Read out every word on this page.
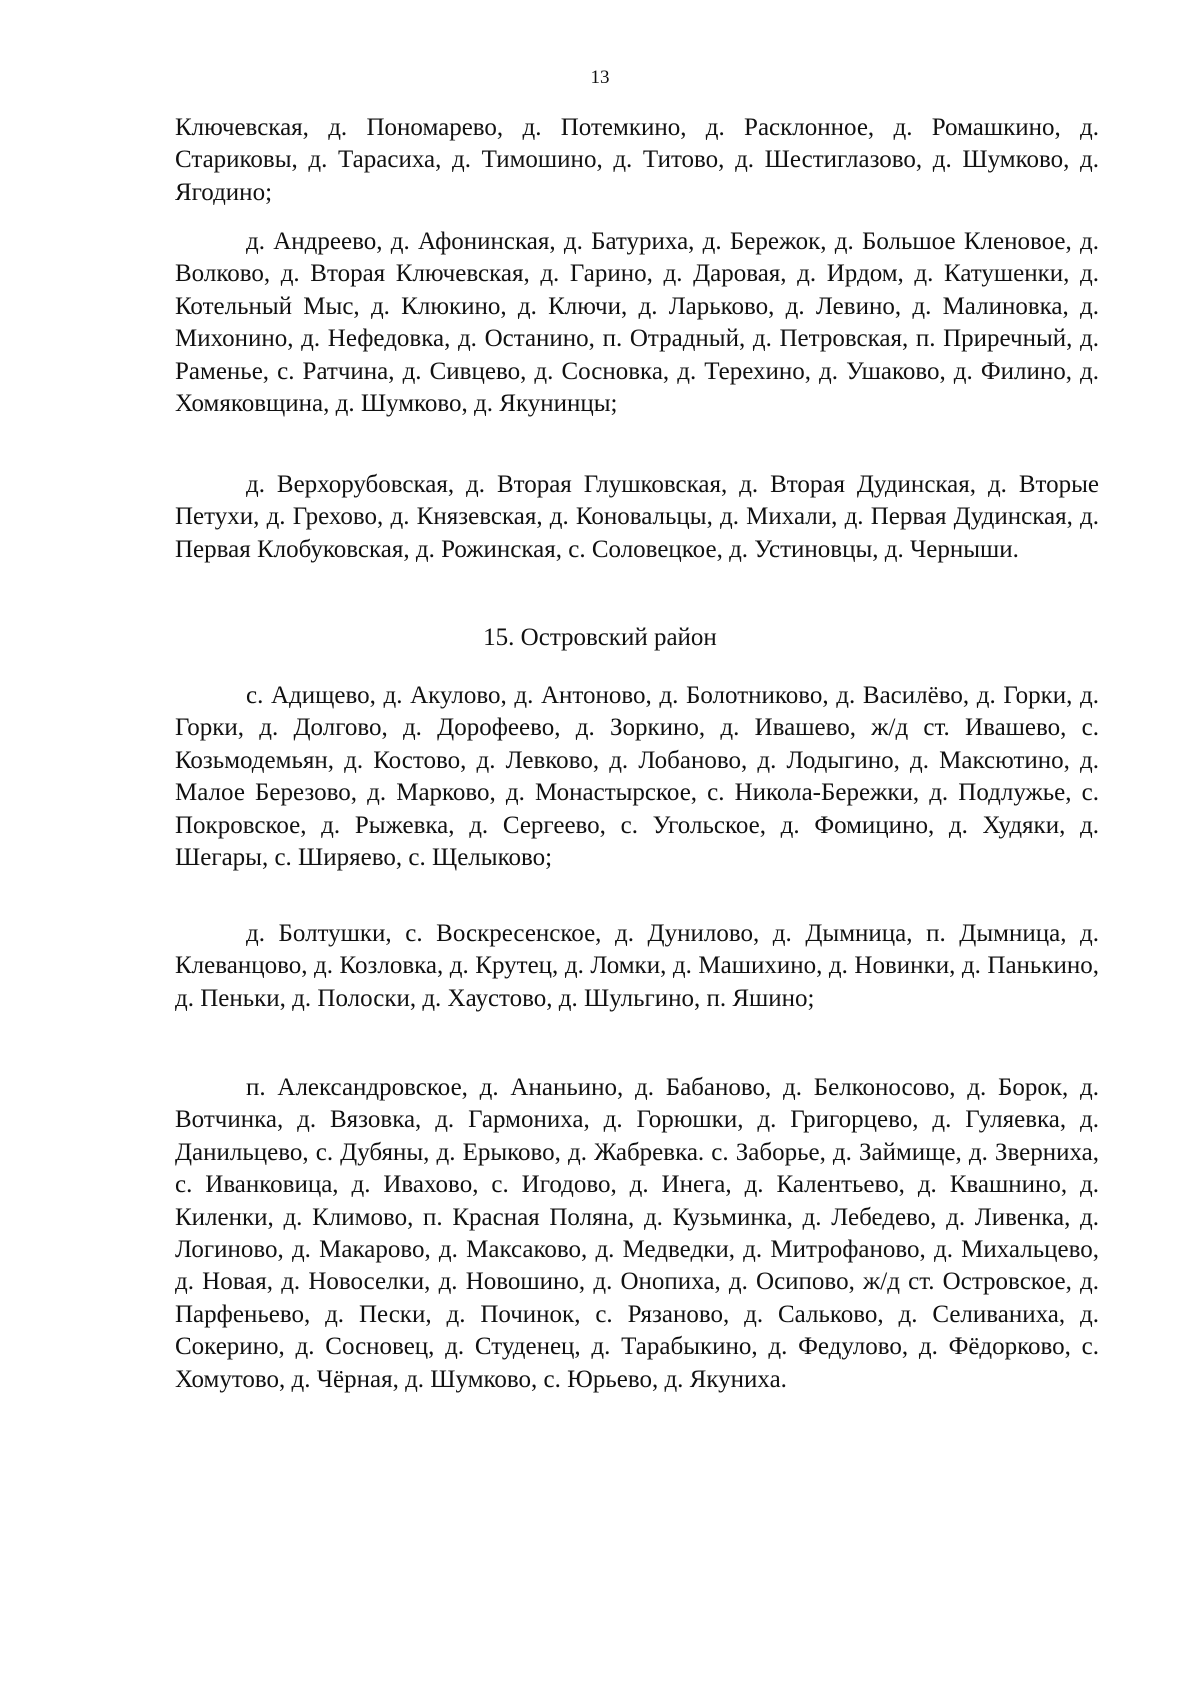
13

Ключевская, д. Пономарево, д. Потемкино, д. Расклонное, д. Ромашкино, д. Стариковы, д. Тарасиха, д. Тимошино, д. Титово, д. Шестиглазово, д. Шумково, д. Ягодино;

д. Андреево, д. Афонинская, д. Батуриха, д. Бережок, д. Большое Кленовое, д. Волково, д. Вторая Ключевская, д. Гарино, д. Даровая, д. Ирдом, д. Катушенки, д. Котельный Мыс, д. Клюкино, д. Ключи, д. Ларьково, д. Левино, д. Малиновка, д. Михонино, д. Нефедовка, д. Останино, п. Отрадный, д. Петровская, п. Приречный, д. Раменье, с. Ратчина, д. Сивцево, д. Сосновка, д. Терехино, д. Ушаково, д. Филино, д. Хомяковщина, д. Шумково, д. Якунинцы;

д. Верхорубовская, д. Вторая Глушковская, д. Вторая Дудинская, д. Вторые Петухи, д. Грехово, д. Князевская, д. Коновальцы, д. Михали, д. Первая Дудинская, д. Первая Клобуковская, д. Рожинская, с. Соловецкое, д. Устиновцы, д. Черныши.

15. Островский район

с. Адищево, д. Акулово, д. Антоново, д. Болотниково, д. Василёво, д. Горки, д. Горки, д. Долгово, д. Дорофеево, д. Зоркино, д. Ивашево, ж/д ст. Ивашево, с. Козьмодемьян, д. Костово, д. Левково, д. Лобаново, д. Лодыгино, д. Максютино, д. Малое Березово, д. Марково, д. Монастырское, с. Никола-Бережки, д. Подлужье, с. Покровское, д. Рыжевка, д. Сергеево, с. Угольское, д. Фомицино, д. Худяки, д. Шегары, с. Ширяево, с. Щелыково;

д. Болтушки, с. Воскресенское, д. Дунилово, д. Дымница, п. Дымница, д. Клеванцово, д. Козловка, д. Крутец, д. Ломки, д. Машихино, д. Новинки, д. Панькино, д. Пеньки, д. Полоски, д. Хаустово, д. Шульгино, п. Яшино;

п. Александровское, д. Ананьино, д. Бабаново, д. Белконосово, д. Борок, д. Вотчинка, д. Вязовка, д. Гармониха, д. Горюшки, д. Григорцево, д. Гуляевка, д. Данильцево, с. Дубяны, д. Ерыково, д. Жабревка. с. Заборье, д. Займище, д. Зверниха, с. Иванковица, д. Ивахово, с. Игодово, д. Инега, д. Калентьево, д. Квашнино, д. Киленки, д. Климово, п. Красная Поляна, д. Кузьминка, д. Лебедево, д. Ливенка, д. Логиново, д. Макарово, д. Максаково, д. Медведки, д. Митрофаново, д. Михальцево, д. Новая, д. Новоселки, д. Новошино, д. Онопиха, д. Осипово, ж/д ст. Островское, д. Парфеньево, д. Пески, д. Починок, с. Рязаново, д. Сальково, д. Селиваниха, д. Сокерино, д. Сосновец, д. Студенец, д. Тарабыкино, д. Федулово, д. Фёдорково, с. Хомутово, д. Чёрная, д. Шумково, с. Юрьево, д. Якуниха.
